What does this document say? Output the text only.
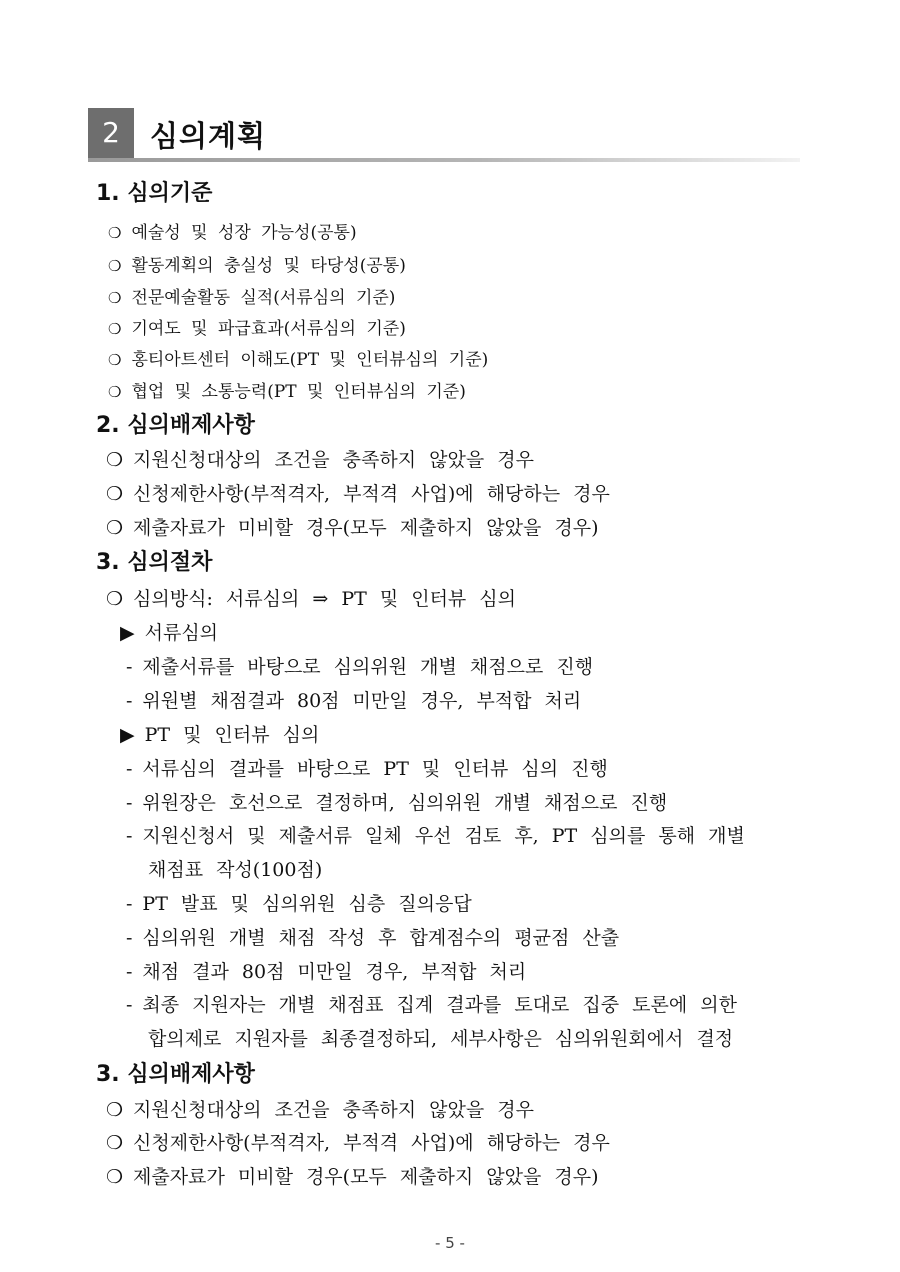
2	심의계획
1. 심의기준
❍ 예술성 및 성장 가능성(공통)
❍ 활동계획의 충실성 및 타당성(공통)
❍ 전문예술활동 실적(서류심의 기준)
❍ 기여도 및 파급효과(서류심의 기준)
❍ 홍티아트센터 이해도(PT 및 인터뷰심의 기준)
❍ 협업 및 소통능력(PT 및 인터뷰심의 기준)
2. 심의배제사항
❍ 지원신청대상의 조건을 충족하지 않았을 경우
❍ 신청제한사항(부적격자, 부적격 사업)에 해당하는 경우
❍ 제출자료가 미비할 경우(모두 제출하지 않았을 경우)
3. 심의절차
❍ 심의방식: 서류심의 ⇒ PT 및 인터뷰 심의
▶ 서류심의
- 제출서류를 바탕으로 심의위원 개별 채점으로 진행
- 위원별 채점결과 80점 미만일 경우, 부적합 처리
▶ PT 및 인터뷰 심의
- 서류심의 결과를 바탕으로 PT 및 인터뷰 심의 진행
- 위원장은 호선으로 결정하며, 심의위원 개별 채점으로 진행
- 지원신청서 및 제출서류 일체 우선 검토 후, PT 심의를 통해 개별
채점표 작성(100점)
- PT 발표 및 심의위원 심층 질의응답
- 심의위원 개별 채점 작성 후 합계점수의 평균점 산출
- 채점 결과 80점 미만일 경우, 부적합 처리
- 최종 지원자는 개별 채점표 집계 결과를 토대로 집중 토론에 의한
합의제로 지원자를 최종결정하되, 세부사항은 심의위원회에서 결정
3. 심의배제사항
❍ 지원신청대상의 조건을 충족하지 않았을 경우
❍ 신청제한사항(부적격자, 부적격 사업)에 해당하는 경우
❍ 제출자료가 미비할 경우(모두 제출하지 않았을 경우)
- 5 -
